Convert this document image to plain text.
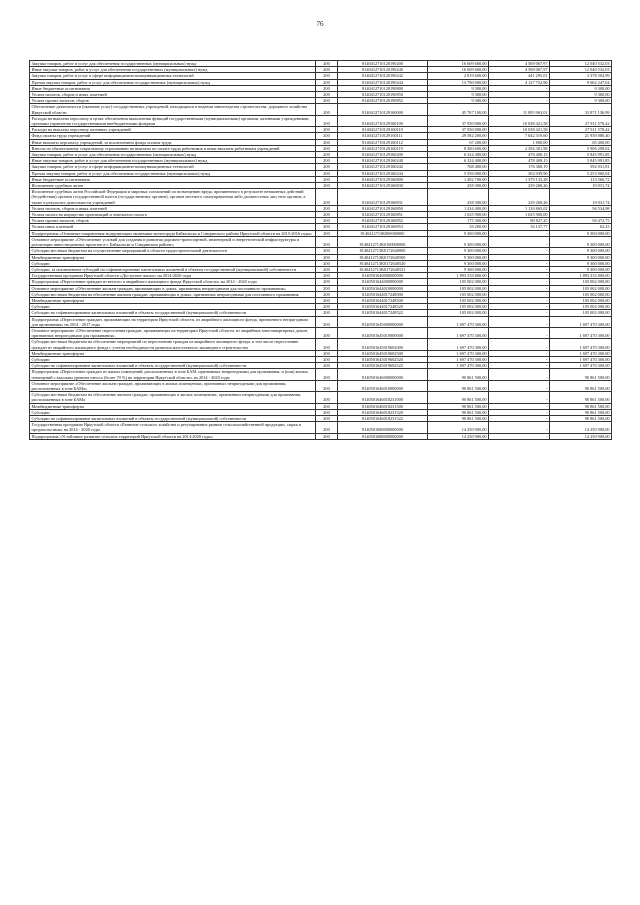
76
Закупка товаров, работ и услуг для обеспечения государственных (муниципальных) нужд	200	8140412710120190200	16 609 600,00	4 569 067,97	12 040 532,03
Иные закупки товаров, работ и услуг для обеспечения государственных (муниципальных) нужд	200	8140412710120190240	16 609 600,00	4 569 067,97	12 040 532,03
Закупка товаров, работ и услуг в сфере информационно-коммуникационных технологий	200	8140412710120190242	2 819 600,00	441 295,01	2 378 304,99
Прочая закупка товаров, работ и услуг для обеспечения государственных (муниципальных) нужд	200	8140412710120190244	13 790 000,00	4 127 752,96	9 662 247,04
Иные бюджетные ассигнования	200	8140412710120190800	9 300,00	-	9 300,00
Уплата налогов, сборов и иных платежей	200	8140412710120190850	9 300,00	-	9 300,00
Уплата прочих налогов, сборов	200	8140412710120190852	9 300,00	-	9 300,00
Обеспечение деятельности (оказание услуг) государственных учреждений, находящихся в ведении министерства строительства, дорожного хозяйства Иркутской области	200	8140412710129160000	45 767 100,00	11 895 963,01	33 871 136,99
Расходы на выплаты персоналу в целях обеспечения выполнения функций государственными (муниципальными) органами, казенными учреждениями, органами управления государственными внебюджетными фондами	200	8140412710129160100	37 950 000,00	10 038 421,58	27 911 578,42
Расходы на выплаты персоналу казенных учреждений	200	8140412710129160110	37 950 000,00	10 038 421,58	27 911 578,42
Фонд оплаты труда учреждений	200	8140412710129160111	29 582 200,00	7 642 319,60	21 939 880,40
Иные выплаты персоналу учреждений, за исключением фонда оплаты труда	200	8140412710129160112	67 200,00	1 800,00	65 400,00
Взносы по обязательному социальному страхованию на выплаты по оплате труда работников и иные выплаты работникам учреждений	200	8140412710129160119	8 300 600,00	2 394 301,98	5 906 298,02
Закупка товаров, работ и услуг для обеспечения государственных (муниципальных) нужд	200	8140412710129160200	6 324 400,00	478 408,15	5 845 991,85
Иные закупки товаров, работ и услуг для обеспечения государственных (муниципальных) нужд	200	8140412710129160240	6 324 400,00	478 408,15	5 845 991,85
Закупка товаров, работ и услуг в сфере информационно-коммуникационных технологий	200	8140412710129160242	768 400,00	176 368,19	592 031,81
Прочая закупка товаров, работ и услуг для обеспечения государственных (муниципальных) нужд	200	8140412710129160244	5 556 000,00	302 039,96	5 253 960,04
Иные бюджетные ассигнования	200	8140412710129160800	1 492 700,00	1 379 133,28	113 566,72
Исполнение судебных актов	200	8140412710129160830	258 300,00	239 268,26	19 031,74
Исполнение судебных актов Российской Федерации и мировых соглашений по возмещению вреда, причиненного в результате незаконных действий (бездействия) органов государственной власти (государственных органов), органов местного самоуправления либо должностных лиц этих органов, а также в результате деятельности учреждений	200	8140412710129160831	258 300,00	239 268,26	19 031,74
Уплата налогов, сборов и иных платежей	200	8140412710129160850	1 234 400,00	1 139 865,02	94 534,98
Уплата налога на имущество организаций и земельного налога	200	8140412710129160851	1 025 900,00	1 025 900,00	-
Уплата прочих налогов, сборов	200	8140412710129160852	175 300,00	80 827,25	94 472,75
Уплата иных платежей	200	8140412710129160853	33 200,00	33 137,77	62,23
Подпрограмма «Основные направления модернизации экономики моногорода Байкальска и Слюдянского района Иркутской области на 2015-2016 годы»	200	8140412713К000000000	9 300 000,00	-	9 300 000,00
Основное мероприятие «Обеспечение условий для создания и развития дорожно-транспортной, инженерной и энергетической инфраструктуры и реализации инвестиционных проектов в г. Байкальске и Слюдянском районе»	200	8140412713К0100000000	9 300 000,00	-	9 300 000,00
Субсидии местным бюджетам на осуществление мероприятий в области градостроительной деятельности	200	8140412713К0172640000	9 300 000,00	-	9 300 000,00
Межбюджетные трансферты	200	8140412713К0172640500	9 300 000,00	-	9 300 000,00
Субсидии	200	8140412713К0172640520	9 300 000,00	-	9 300 000,00
Субсидии, за исключением субсидий на софинансирование капитальных вложений в объекты государственной (муниципальной) собственности	200	8140412713К0172640521	9 300 000,00	-	9 300 000,00
Государственная программа Иркутской области «Доступное жилье» на 2014-2020 годы	200	8140501640000000000	1 893 333 800,00	-	1 893 333 800,00
Подпрограмма «Переселение граждан из ветхого и аварийного жилищного фонда Иркутской области» на 2014 - 2020 годы	200	8140501644000000000	105 002 000,00	-	105 002 000,00
Основное мероприятие «Обеспечение жильем граждан, проживающих в домах, признанных непригодными для постоянного проживания»	200	8140501644010000000	105 002 000,00	-	105 002 000,00
Субсидии местным бюджетам на обеспечение жильем граждан, проживающих в домах, признанных непригодными для постоянного проживания	200	8140501644017248000	105 002 000,00	-	105 002 000,00
Межбюджетные трансферты	200	8140501644017248500	105 002 000,00	-	105 002 000,00
Субсидии	200	8140501644017248520	105 002 000,00	-	105 002 000,00
Субсидии на софинансирование капитальных вложений в объекты государственной (муниципальной) собственности	200	8140501644017248522	105 002 000,00	-	105 002 000,00
Подпрограмма «Переселение граждан, проживающих на территории Иркутской области, из аварийного жилищного фонда, признанного непригодным для проживания» на 2014 - 2017 годы	200	8140501645000000000	1 697 470 300,00	-	1 697 470 300,00
Основное мероприятие «Обеспечение переселения граждан, проживающих на территории Иркутской области, из аварийных многоквартирных домов, признанных непригодными для проживания»	200	8140501645010000000	1 697 470 300,00	-	1 697 470 300,00
Субсидии местным бюджетам на обеспечение мероприятий по переселению граждан из аварийного жилищного фонда, в том числе переселению граждан из аварийного жилищного фонда с учетом необходимости развития малоэтажного жилищного строительства	200	8140501645019602000	1 697 470 300,00	-	1 697 470 300,00
Межбюджетные трансферты	200	8140501645019602500	1 697 470 300,00	-	1 697 470 300,00
Субсидии	200	8140501645019602520	1 697 470 300,00	-	1 697 470 300,00
Субсидии на софинансирование капитальных вложений в объекты государственной (муниципальной) собственности	200	8140501645019602522	1 697 470 300,00	-	1 697 470 300,00
Подпрограмма «Переселение граждан из жилых помещений, расположенных в зоне БАМ, признанных непригодными для проживания, и (или) жилых помещений с высоким уровнем износа (более 70 %) на территории Иркутской области» на 2014 - 2020 годы	200	8140501646000000000	90 861 500,00	-	90 861 500,00
Основное мероприятие «Обеспечение жильем граждан, проживающих в жилых помещениях, признанных непригодными для проживания, расположенных в зоне БАМа»	200	8140501646010000000	90 861 500,00	-	90 861 500,00
Субсидии местным бюджетам на обеспечение жильем граждан, проживающих в жилых помещениях, признанных непригодными для проживания, расположенных в зоне БАМа	200	8140501646018231000	90 861 500,00	-	90 861 500,00
Межбюджетные трансферты	200	8140501646018231500	90 861 500,00	-	90 861 500,00
Субсидии	200	8140501646018231520	90 861 500,00	-	90 861 500,00
Субсидии на софинансирование капитальных вложений в объекты государственной (муниципальной) собственности	200	8140501646018231522	90 861 500,00	-	90 861 500,00
Государственная программа Иркутской области «Развитие сельского хозяйства и регулирование рынков сельскохозяйственной продукции, сырья и продовольствия» на 2014 - 2020 годы	200	8140501680000000000	14 250 900,00	-	14 250 900,00
Подпрограмма «Устойчивое развитие сельских территорий Иркутской области на 2014-2020 годы»	200	8140501688000000000	14 250 900,00	-	14 250 900,00
